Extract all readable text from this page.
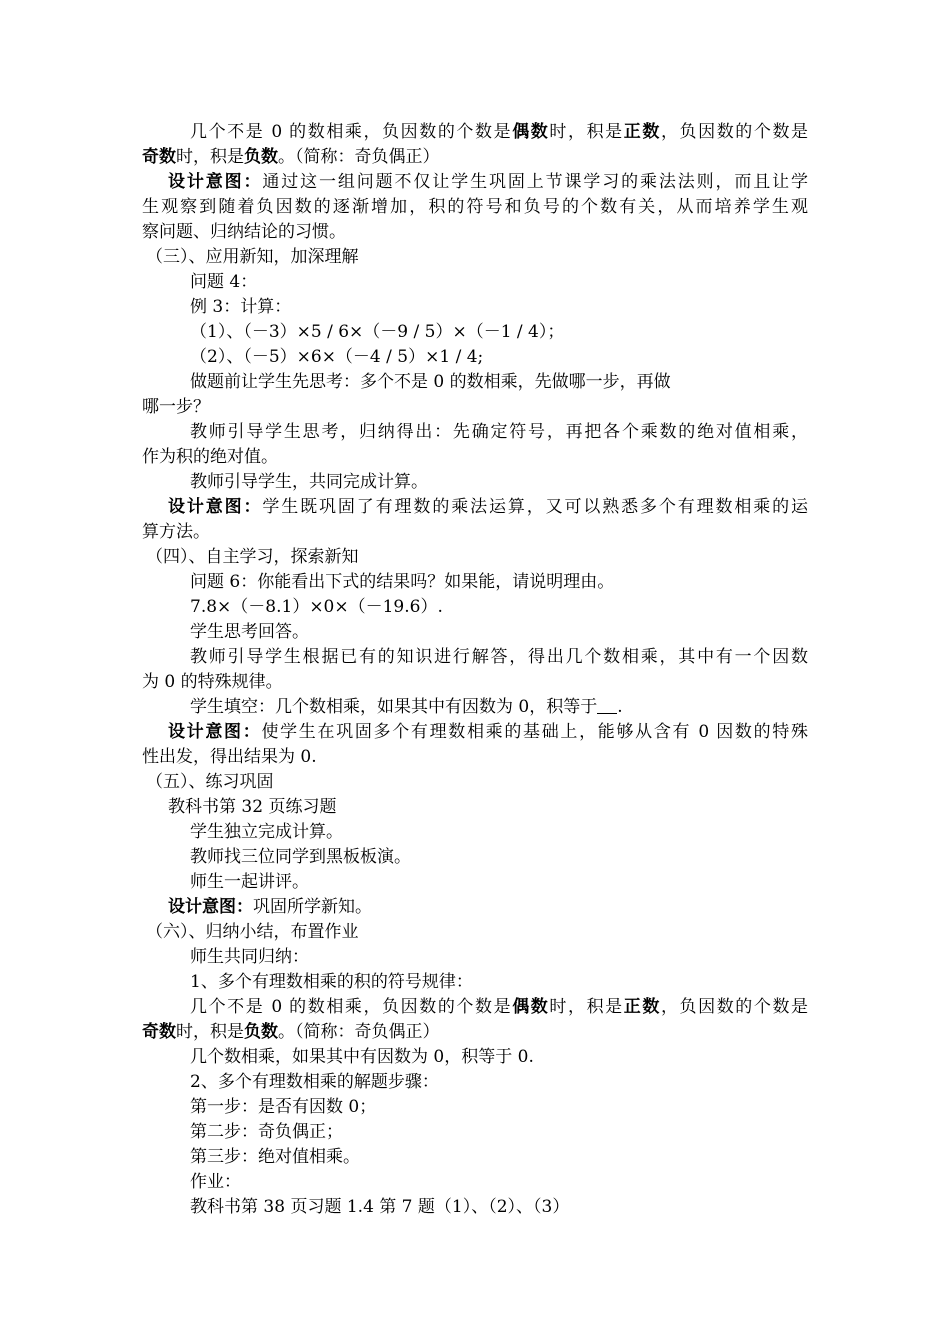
几个不是 0 的数相乘，负因数的个数是偶数时，积是正数，负因数的个数是
奇数时，积是负数。（简称：奇负偶正）
设计意图：通过这一组问题不仅让学生巩固上节课学习的乘法法则，而且让学
生观察到随着负因数的逐渐增加，积的符号和负号的个数有关，从而培养学生观
察问题、归纳结论的习惯。
（三）、应用新知，加深理解
问题 4：
例 3：计算：
（1）、（－3）×5 / 6×（－9 / 5）×（－1 / 4）；
（2）、（－5）×6×（－4 / 5）×1 / 4;
做题前让学生先思考：多个不是 0 的数相乘，先做哪一步，再做
哪一步？
教师引导学生思考，归纳得出：先确定符号，再把各个乘数的绝对值相乘，
作为积的绝对值。
教师引导学生，共同完成计算。
设计意图：学生既巩固了有理数的乘法运算，又可以熟悉多个有理数相乘的运
算方法。
（四）、自主学习，探索新知
问题 6：你能看出下式的结果吗？如果能，请说明理由。
7.8×（－8.1）×0×（－19.6）.
学生思考回答。
教师引导学生根据已有的知识进行解答，得出几个数相乘，其中有一个因数
为 0 的特殊规律。
学生填空：几个数相乘，如果其中有因数为 0，积等于 .
设计意图：使学生在巩固多个有理数相乘的基础上，能够从含有 0 因数的特殊
性出发，得出结果为 0.
（五）、练习巩固
教科书第 32 页练习题
学生独立完成计算。
教师找三位同学到黑板板演。
师生一起讲评。
设计意图：巩固所学新知。
（六）、归纳小结，布置作业
师生共同归纳：
1、多个有理数相乘的积的符号规律：
几个不是 0 的数相乘，负因数的个数是偶数时，积是正数，负因数的个数是
奇数时，积是负数。（简称：奇负偶正）
几个数相乘，如果其中有因数为 0，积等于 0.
2、多个有理数相乘的解题步骤：
第一步：是否有因数 0；
第二步：奇负偶正；
第三步：绝对值相乘。
作业：
教科书第 38 页习题 1.4 第 7 题（1）、（2）、（3）
